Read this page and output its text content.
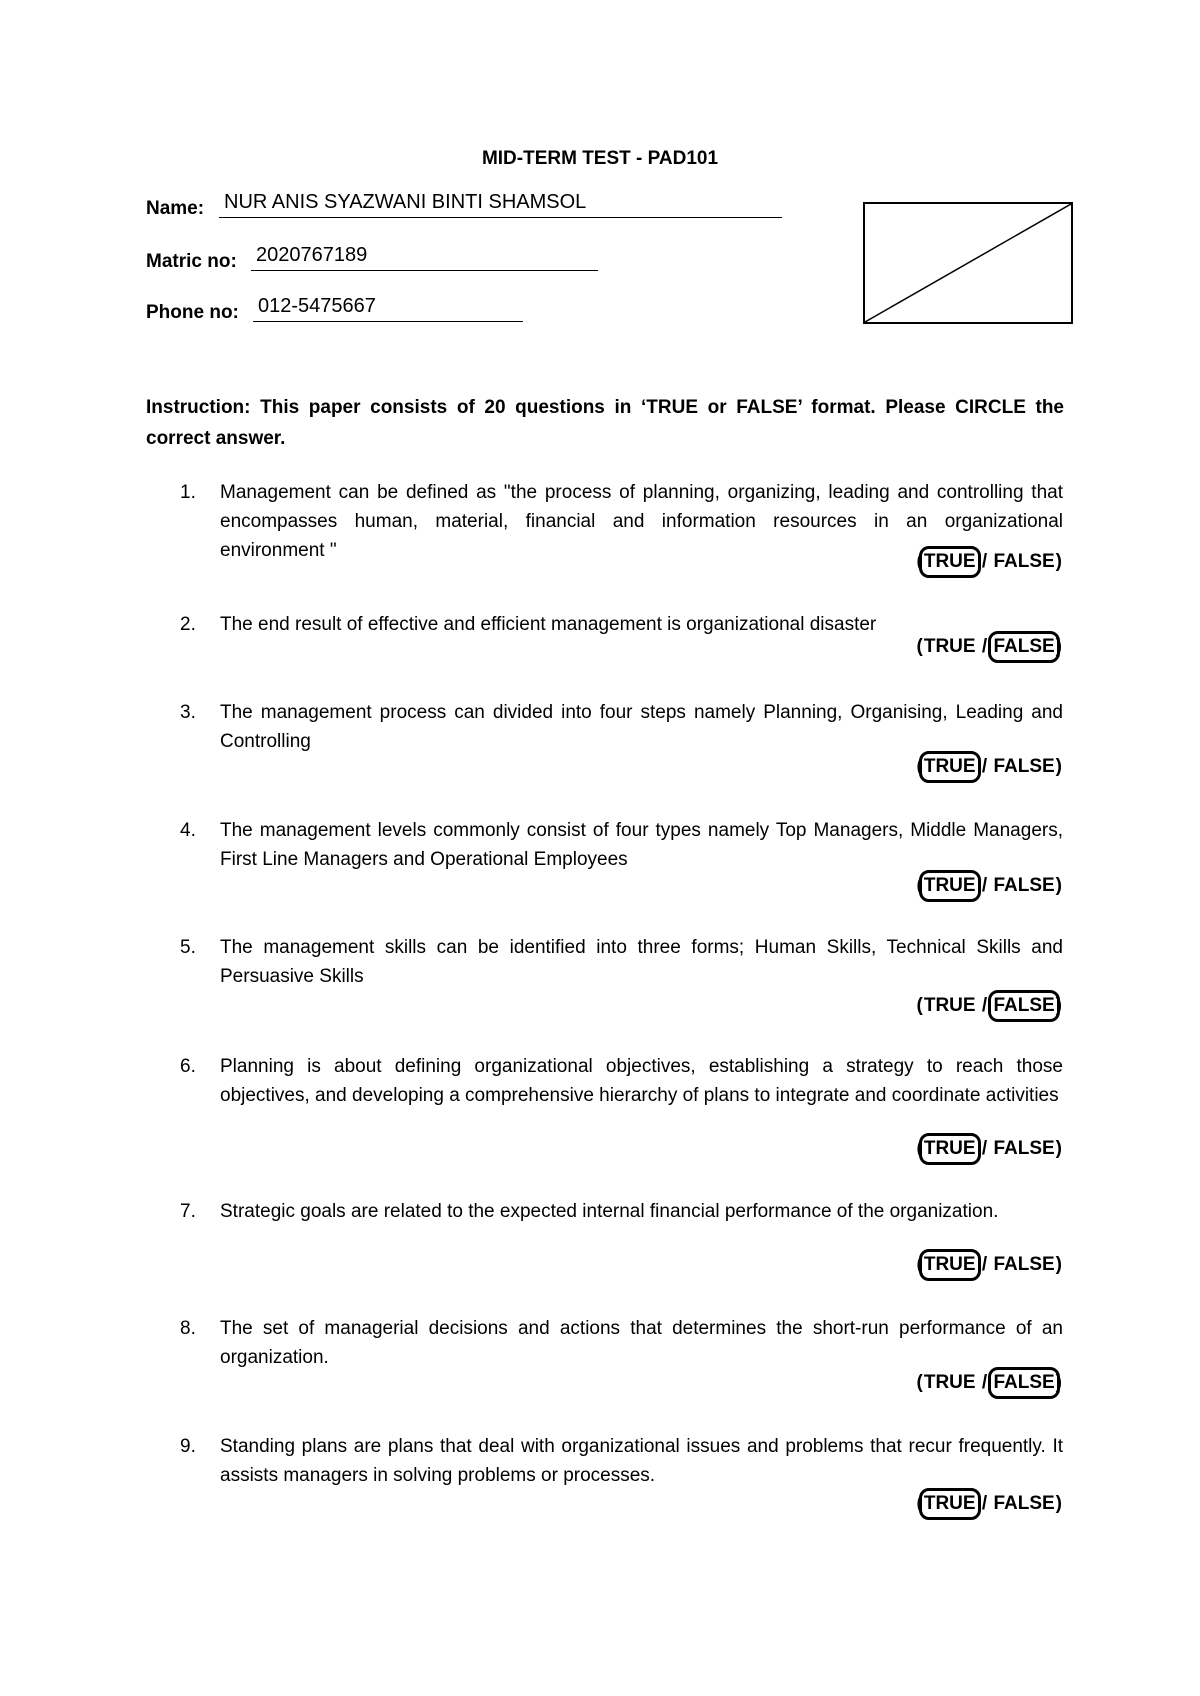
MID-TERM TEST - PAD101
Name: NUR ANIS SYAZWANI BINTI SHAMSOL
Matric no: 2020767189
Phone no: 012-5475667
Instruction: This paper consists of 20 questions in ‘TRUE or FALSE’ format. Please CIRCLE the correct answer.
1. Management can be defined as "the process of planning, organizing, leading and controlling that encompasses human, material, financial and information resources in an organizational environment "
(TRUE / FALSE)
2. The end result of effective and efficient management is organizational disaster
(TRUE / FALSE)
3. The management process can divided into four steps namely Planning, Organising, Leading and Controlling
(TRUE / FALSE)
4. The management levels commonly consist of four types namely Top Managers, Middle Managers, First Line Managers and Operational Employees
(TRUE / FALSE)
5. The management skills can be identified into three forms; Human Skills, Technical Skills and Persuasive Skills
(TRUE / FALSE)
6. Planning is about defining organizational objectives, establishing a strategy to reach those objectives, and developing a comprehensive hierarchy of plans to integrate and coordinate activities
(TRUE / FALSE)
7. Strategic goals are related to the expected internal financial performance of the organization.
(TRUE / FALSE)
8. The set of managerial decisions and actions that determines the short-run performance of an organization.
(TRUE / FALSE)
9. Standing plans are plans that deal with organizational issues and problems that recur frequently. It assists managers in solving problems or processes.
(TRUE / FALSE)
